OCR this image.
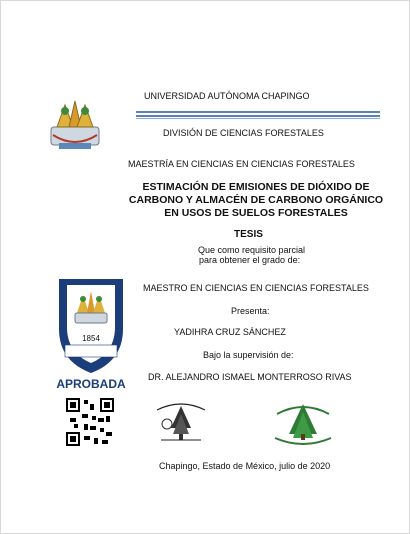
UNIVERSIDAD AUTÓNOMA CHAPINGO
DIVISIÓN DE CIENCIAS FORESTALES
MAESTRÍA EN CIENCIAS EN CIENCIAS FORESTALES
ESTIMACIÓN DE EMISIONES DE DIÓXIDO DE CARBONO Y ALMACÉN DE CARBONO ORGÁNICO EN USOS DE SUELOS FORESTALES
TESIS
Que como requisito parcial
para obtener el grado de:
MAESTRO EN CIENCIAS EN CIENCIAS FORESTALES
Presenta:
YADIHRA CRUZ SÁNCHEZ
Bajo la supervisión de:
DR. ALEJANDRO ISMAEL MONTERROSO RIVAS
1854
APROBADA
Chapingo, Estado de México, julio de 2020
